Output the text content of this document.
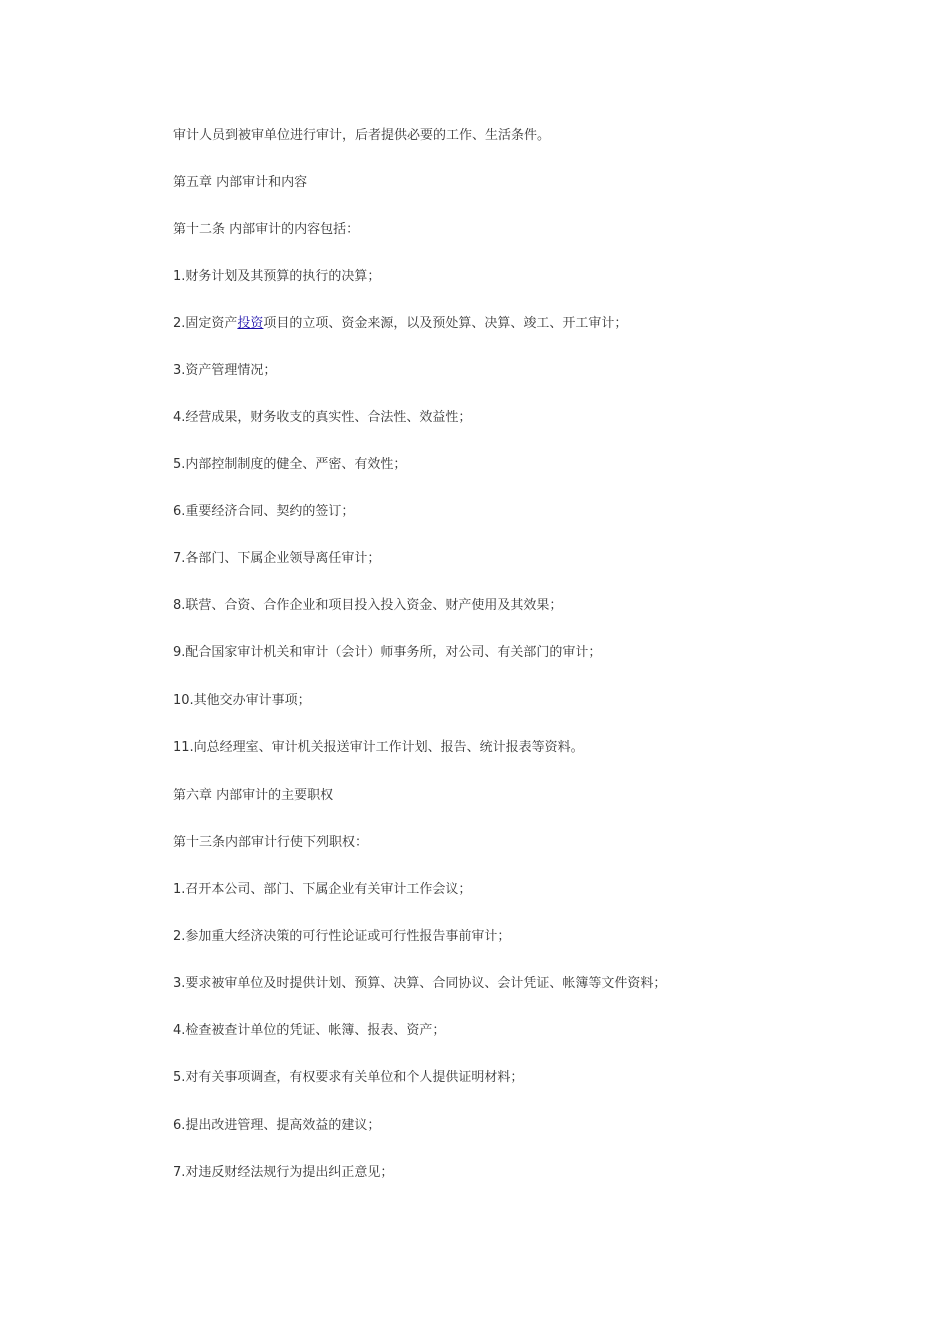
审计人员到被审单位进行审计，后者提供必要的工作、生活条件。
第五章 内部审计和内容
第十二条 内部审计的内容包括：
1.财务计划及其预算的执行的决算；
2.固定资产投资项目的立项、资金来源，以及预处算、决算、竣工、开工审计；
3.资产管理情况；
4.经营成果，财务收支的真实性、合法性、效益性；
5.内部控制制度的健全、严密、有效性；
6.重要经济合同、契约的签订；
7.各部门、下属企业领导离任审计；
8.联营、合资、合作企业和项目投入投入资金、财产使用及其效果；
9.配合国家审计机关和审计（会计）师事务所，对公司、有关部门的审计；
10.其他交办审计事项；
11.向总经理室、审计机关报送审计工作计划、报告、统计报表等资料。
第六章 内部审计的主要职权
第十三条内部审计行使下列职权：
1.召开本公司、部门、下属企业有关审计工作会议；
2.参加重大经济决策的可行性论证或可行性报告事前审计；
3.要求被审单位及时提供计划、预算、决算、合同协议、会计凭证、帐簿等文件资料；
4.检查被查计单位的凭证、帐簿、报表、资产；
5.对有关事项调查，有权要求有关单位和个人提供证明材料；
6.提出改进管理、提高效益的建议；
7.对违反财经法规行为提出纠正意见；
